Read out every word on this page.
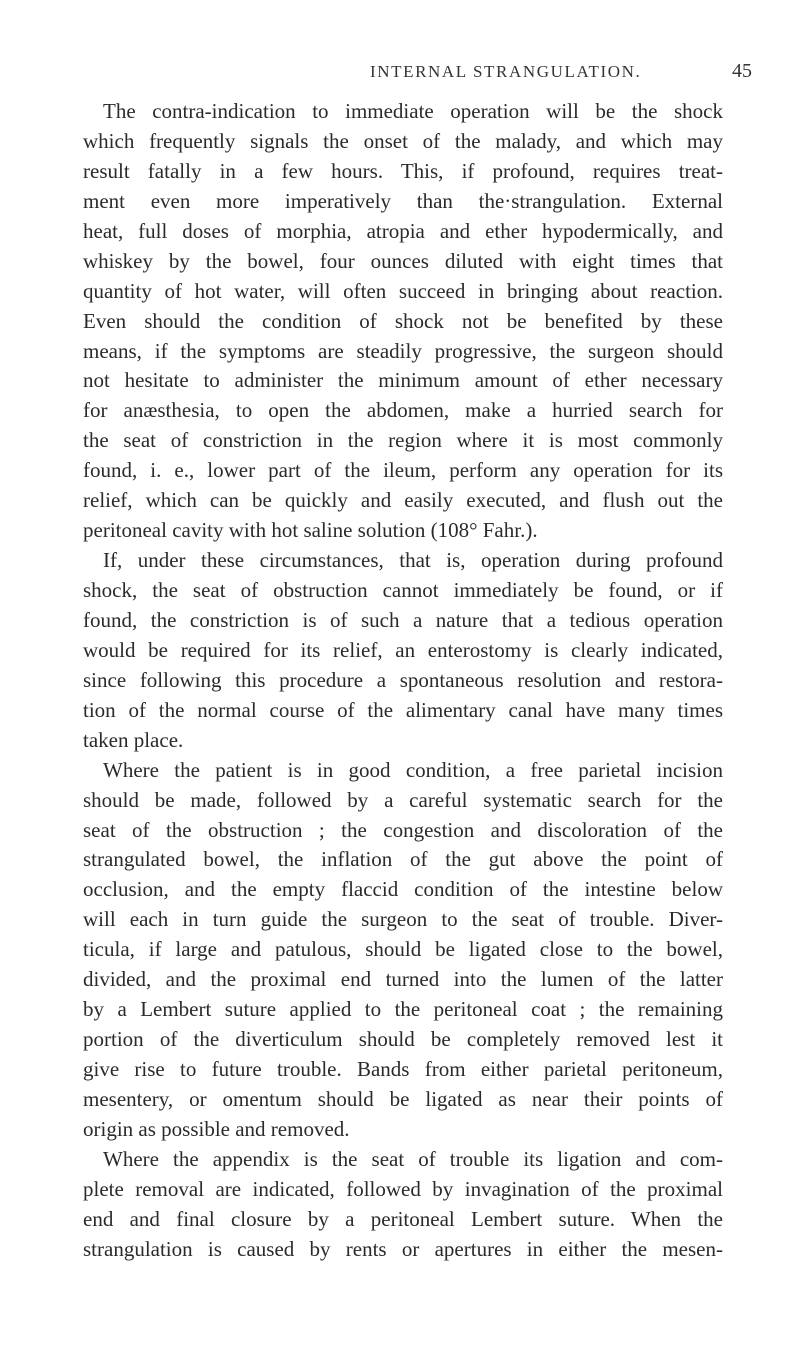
INTERNAL STRANGULATION.	45
The contra-indication to immediate operation will be the shock
which frequently signals the onset of the malady, and which may
result fatally in a few hours. This, if profound, requires treat-
ment even more imperatively than the·strangulation. External
heat, full doses of morphia, atropia and ether hypodermically, and
whiskey by the bowel, four ounces diluted with eight times that
quantity of hot water, will often succeed in bringing about reaction.
Even should the condition of shock not be benefited by these
means, if the symptoms are steadily progressive, the surgeon should
not hesitate to administer the minimum amount of ether necessary
for anæsthesia, to open the abdomen, make a hurried search for
the seat of constriction in the region where it is most commonly
found, i. e., lower part of the ileum, perform any operation for its
relief, which can be quickly and easily executed, and flush out the
peritoneal cavity with hot saline solution (108° Fahr.).
If, under these circumstances, that is, operation during profound
shock, the seat of obstruction cannot immediately be found, or if
found, the constriction is of such a nature that a tedious operation
would be required for its relief, an enterostomy is clearly indicated,
since following this procedure a spontaneous resolution and restora-
tion of the normal course of the alimentary canal have many times
taken place.
Where the patient is in good condition, a free parietal incision
should be made, followed by a careful systematic search for the
seat of the obstruction ; the congestion and discoloration of the
strangulated bowel, the inflation of the gut above the point of
occlusion, and the empty flaccid condition of the intestine below
will each in turn guide the surgeon to the seat of trouble. Diver-
ticula, if large and patulous, should be ligated close to the bowel,
divided, and the proximal end turned into the lumen of the latter
by a Lembert suture applied to the peritoneal coat ; the remaining
portion of the diverticulum should be completely removed lest it
give rise to future trouble. Bands from either parietal peritoneum,
mesentery, or omentum should be ligated as near their points of
origin as possible and removed.
Where the appendix is the seat of trouble its ligation and com-
plete removal are indicated, followed by invagination of the proximal
end and final closure by a peritoneal Lembert suture. When the
strangulation is caused by rents or apertures in either the mesen-
